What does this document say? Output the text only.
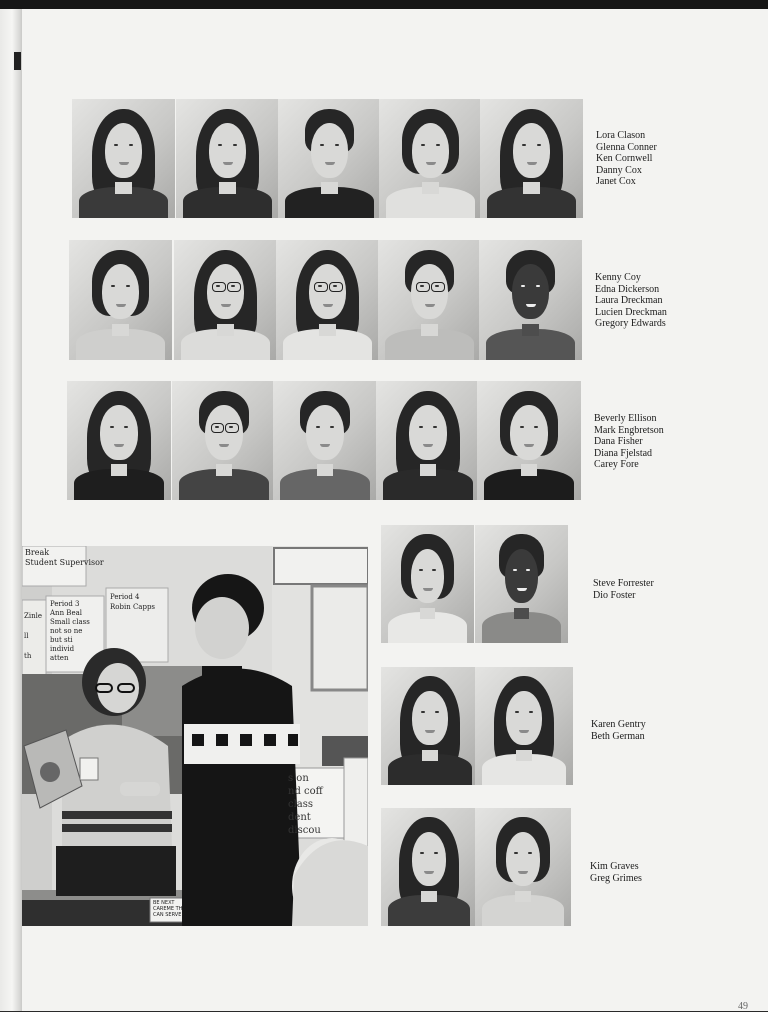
Lora Clason
Glenna Conner
Ken Cornwell
Danny Cox
Janet Cox
Kenny Coy
Edna Dickerson
Laura Dreckman
Lucien Dreckman
Gregory Edwards
Beverly Ellison
Mark Engbretson
Dana Fisher
Diana Fjelstad
Carey Fore
Steve Forrester
Dio Foster
Karen Gentry
Beth German
Kim Graves
Greg Grimes
Break
Student Supervisor
Period 3
Ann Beal
Small class
not so ne
but sti
individ
atten
Period 4
Robin Capps
Zinle
ll
th
s on
nd coff
class
dent
discou
BE NEXT
CAREME TH
CAN SERVE
49
